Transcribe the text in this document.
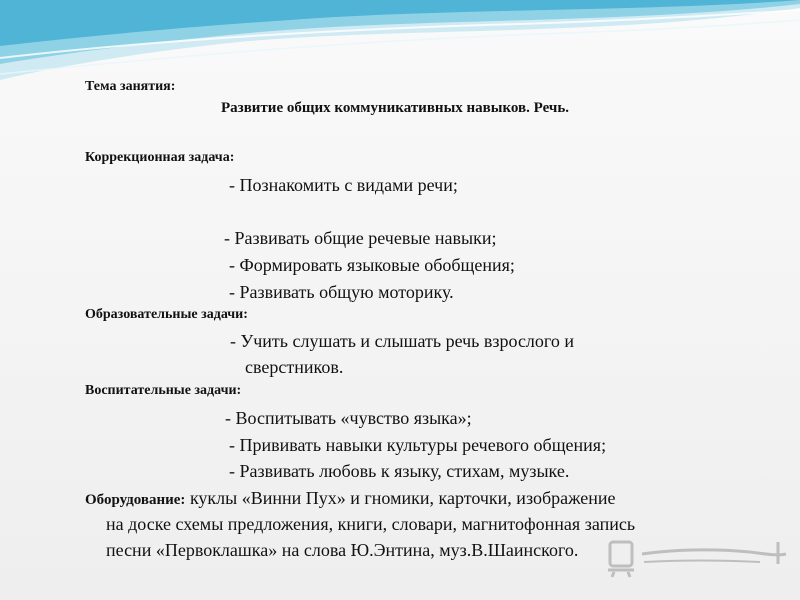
Тема занятия:
Развитие общих коммуникативных навыков. Речь.
Коррекционная задача:
- Познакомить с видами речи;
- Развивать общие речевые навыки;
- Формировать языковые обобщения;
- Развивать общую моторику.
Образовательные задачи:
- Учить слушать и слышать речь взрослого и
сверстников.
Воспитательные задачи:
- Воспитывать «чувство языка»;
- Прививать навыки культуры речевого общения;
- Развивать любовь к языку, стихам, музыке.
Оборудование: куклы «Винни Пух» и гномики, карточки, изображение
на доске схемы предложения, книги, словари, магнитофонная запись
песни «Первоклашка» на слова Ю.Энтина, муз.В.Шаинского.
